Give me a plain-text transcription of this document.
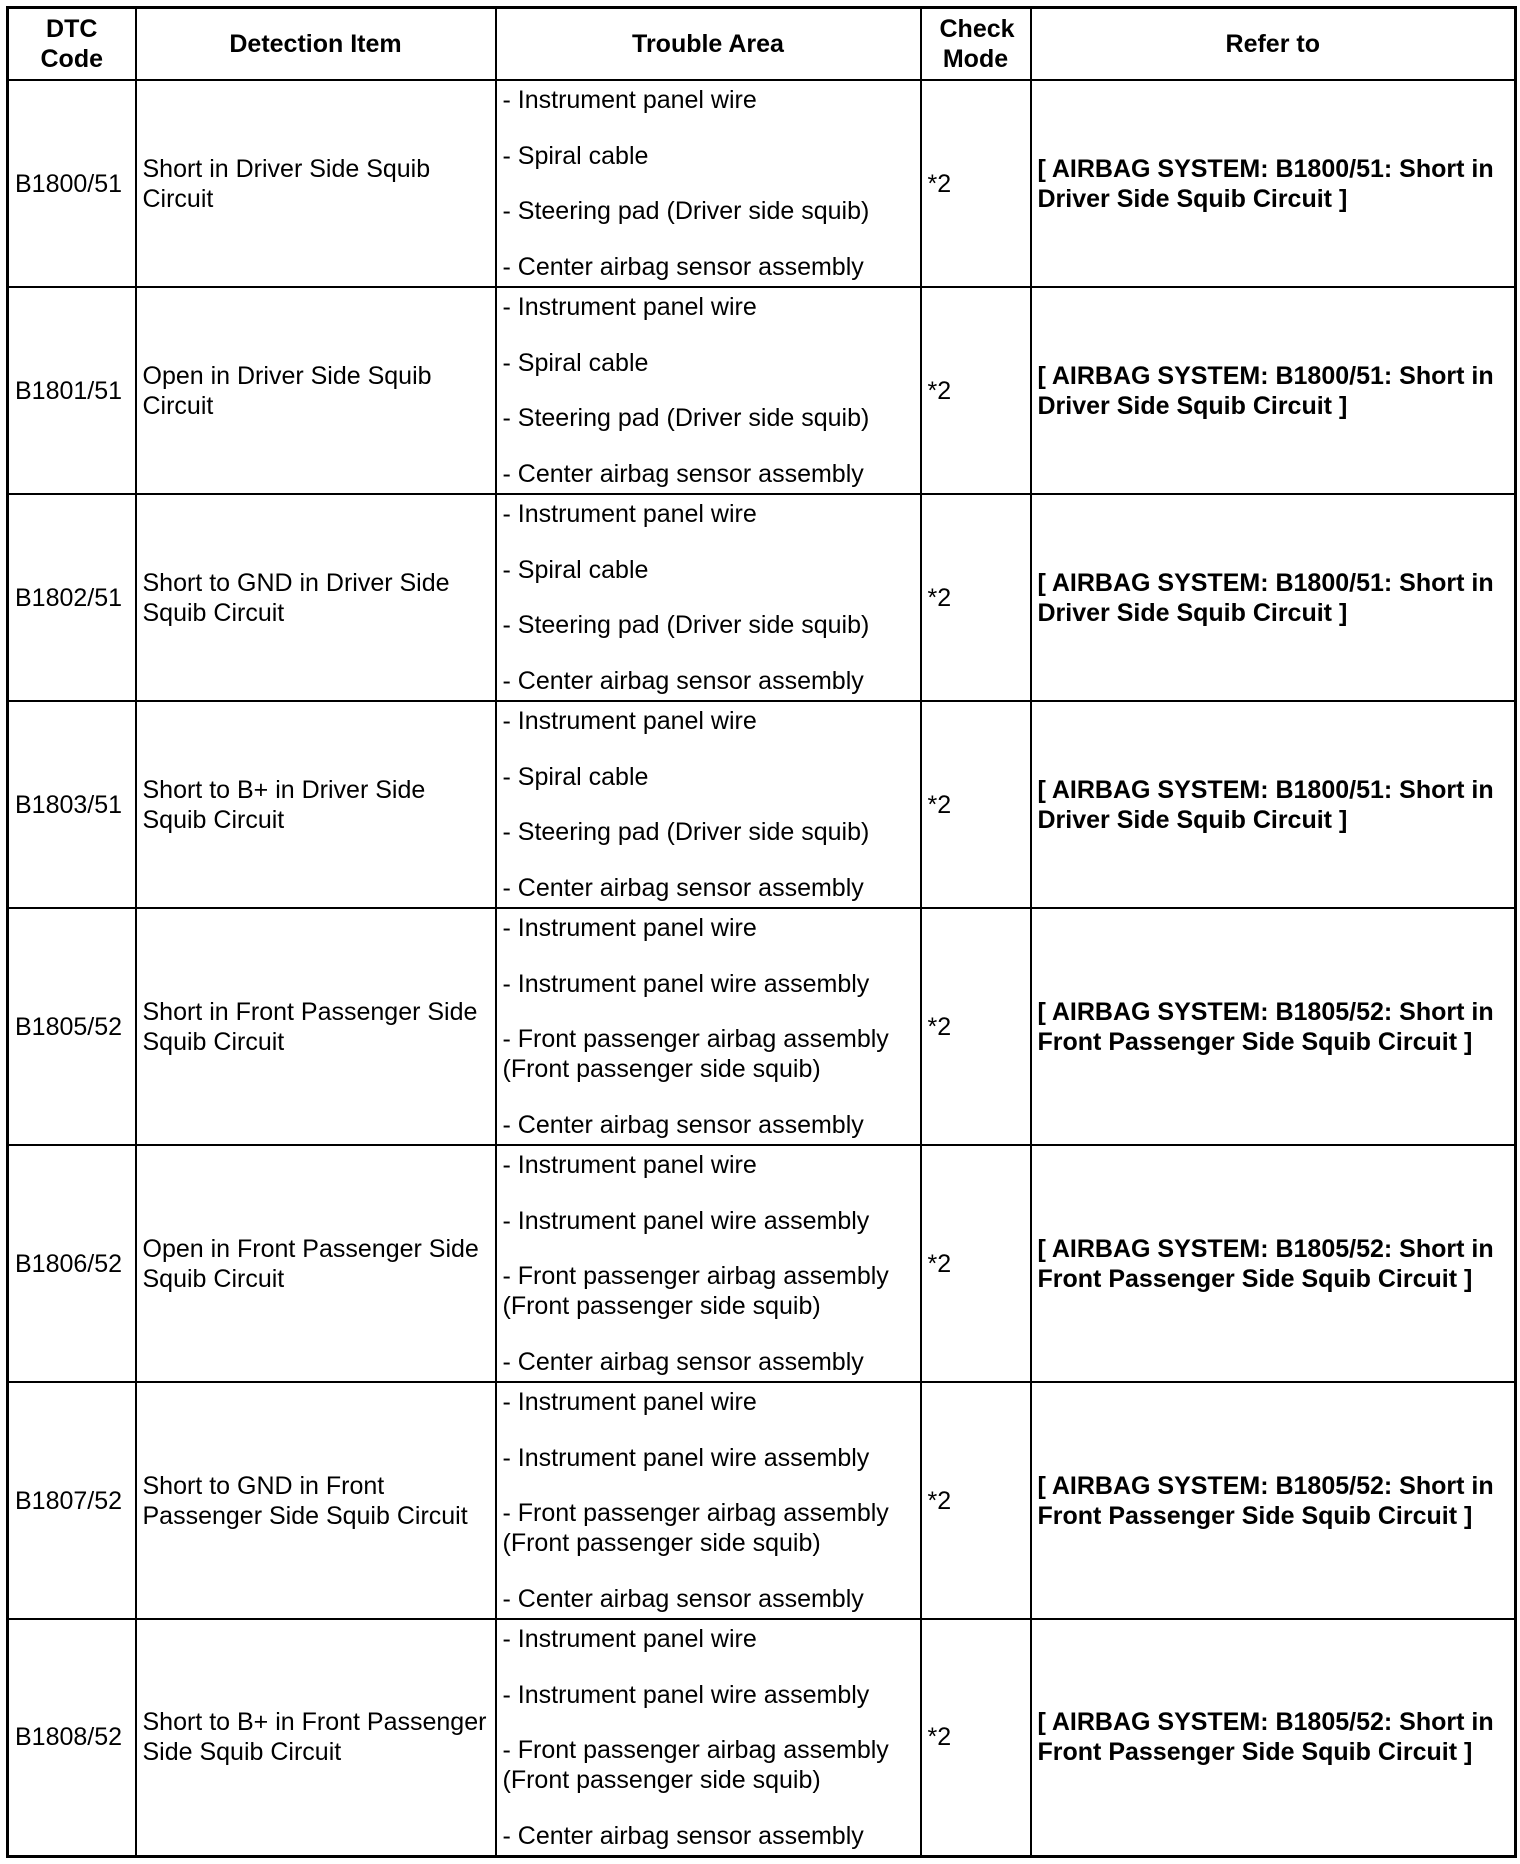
DTC Code	Detection Item	Trouble Area	Check Mode	Refer to
B1800/51	Short in Driver Side Squib Circuit	- Instrument panel wire
- Spiral cable
- Steering pad (Driver side squib)
- Center airbag sensor assembly	*2	[ AIRBAG SYSTEM: B1800/51: Short in Driver Side Squib Circuit ]
B1801/51	Open in Driver Side Squib Circuit	- Instrument panel wire
- Spiral cable
- Steering pad (Driver side squib)
- Center airbag sensor assembly	*2	[ AIRBAG SYSTEM: B1800/51: Short in Driver Side Squib Circuit ]
B1802/51	Short to GND in Driver Side Squib Circuit	- Instrument panel wire
- Spiral cable
- Steering pad (Driver side squib)
- Center airbag sensor assembly	*2	[ AIRBAG SYSTEM: B1800/51: Short in Driver Side Squib Circuit ]
B1803/51	Short to B+ in Driver Side Squib Circuit	- Instrument panel wire
- Spiral cable
- Steering pad (Driver side squib)
- Center airbag sensor assembly	*2	[ AIRBAG SYSTEM: B1800/51: Short in Driver Side Squib Circuit ]
B1805/52	Short in Front Passenger Side Squib Circuit	- Instrument panel wire
- Instrument panel wire assembly
- Front passenger airbag assembly
(Front passenger side squib)
- Center airbag sensor assembly	*2	[ AIRBAG SYSTEM: B1805/52: Short in Front Passenger Side Squib Circuit ]
B1806/52	Open in Front Passenger Side Squib Circuit	- Instrument panel wire
- Instrument panel wire assembly
- Front passenger airbag assembly
(Front passenger side squib)
- Center airbag sensor assembly	*2	[ AIRBAG SYSTEM: B1805/52: Short in Front Passenger Side Squib Circuit ]
B1807/52	Short to GND in Front Passenger Side Squib Circuit	- Instrument panel wire
- Instrument panel wire assembly
- Front passenger airbag assembly
(Front passenger side squib)
- Center airbag sensor assembly	*2	[ AIRBAG SYSTEM: B1805/52: Short in Front Passenger Side Squib Circuit ]
B1808/52	Short to B+ in Front Passenger Side Squib Circuit	- Instrument panel wire
- Instrument panel wire assembly
- Front passenger airbag assembly
(Front passenger side squib)
- Center airbag sensor assembly	*2	[ AIRBAG SYSTEM: B1805/52: Short in Front Passenger Side Squib Circuit ]
